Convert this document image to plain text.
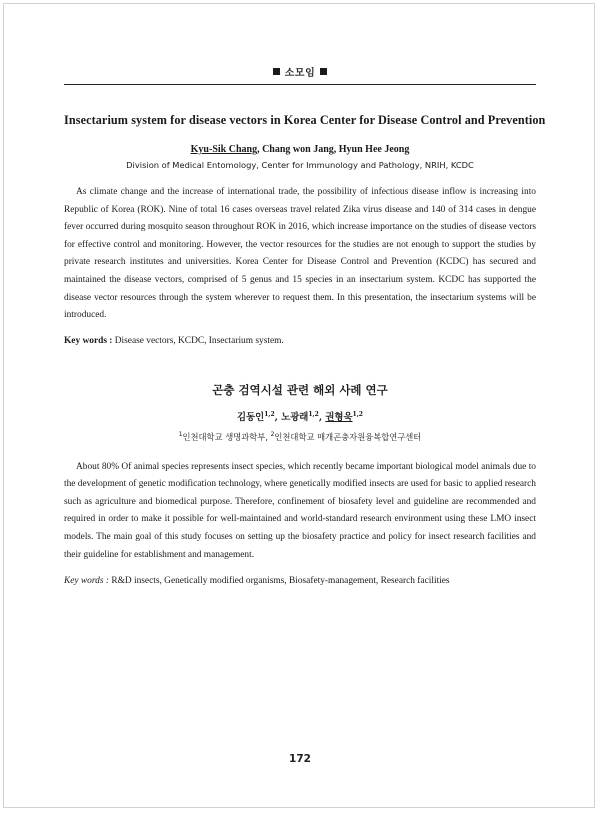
소모임
Insectarium system for disease vectors in Korea Center for Disease Control and Prevention
Kyu-Sik Chang, Chang won Jang, Hyun Hee Jeong
Division of Medical Entomology, Center for Immunology and Pathology, NRIH, KCDC

As climate change and the increase of international trade, the possibility of infectious disease inflow is increasing into Republic of Korea (ROK). Nine of total 16 cases overseas travel related Zika virus disease and 140 of 314 cases in dengue fever occurred during mosquito season throughout ROK in 2016, which increase importance on the studies of disease vectors for effective control and monitoring. However, the vector resources for the studies are not enough to support the studies by private research institutes and universities. Korea Center for Disease Control and Prevention (KCDC) has secured and maintained the disease vectors, comprised of 5 genus and 15 species in an insectarium system. KCDC has supported the disease vector resources through the system wherever to request them. In this presentation, the insectarium systems will be introduced.

Key words : Disease vectors, KCDC, Insectarium system.
곤충 검역시설 관련 해외 사례 연구
김동인$^{1,2}$, 노광래$^{1,2}$, 권형욱$^{1,2}$
$^1$인천대학교 생명과학부, $^2$인천대학교 매개곤충자원융복합연구센터

About 80% Of animal species represents insect species, which recently became important biological model animals due to the development of genetic modification technology, where genetically modified insects are used for basic to applied research such as agriculture and biomedical purpose. Therefore, confinement of biosafety level and guideline are recommended and required in order to make it possible for well-maintained and world-standard research environment using these LMO insect models. The main goal of this study focuses on setting up the biosafety practice and policy for insect research facilities and their guideline for establishment and management.

Key words : R&D insects, Genetically modified organisms, Biosafety-management, Research facilities
172
